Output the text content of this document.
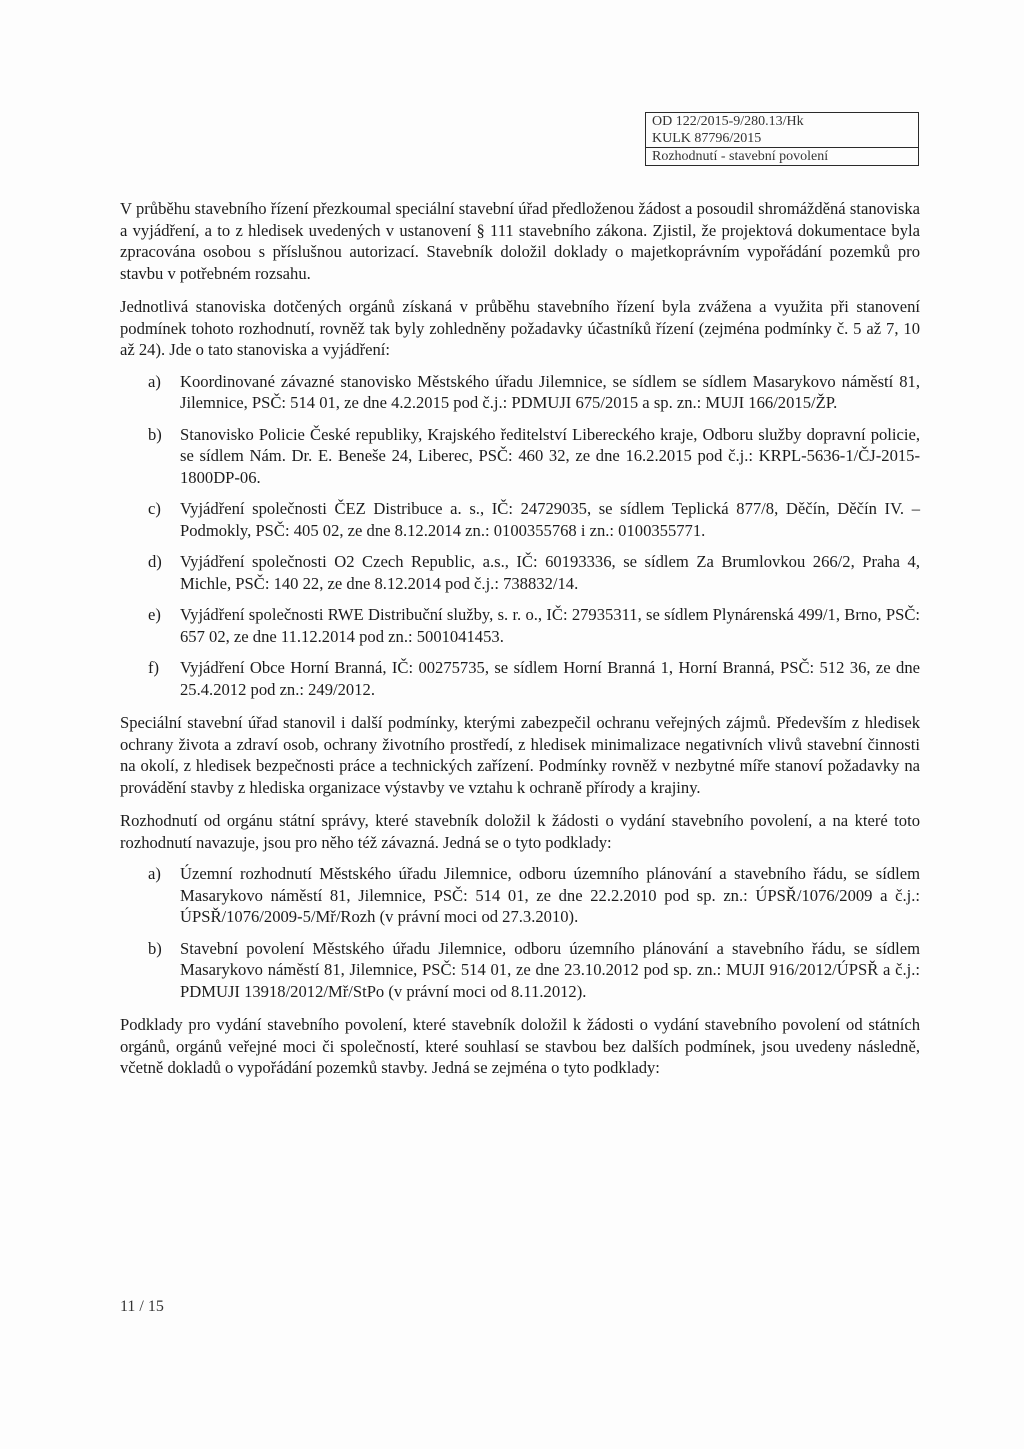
OD 122/2015-9/280.13/Hk
KULK 87796/2015
Rozhodnutí - stavební povolení

V průběhu stavebního řízení přezkoumal speciální stavební úřad předloženou žádost a posoudil shromážděná stanoviska a vyjádření, a to z hledisek uvedených v ustanovení § 111 stavebního zákona. Zjistil, že projektová dokumentace byla zpracována osobou s příslušnou autorizací. Stavebník doložil doklady o majetkoprávním vypořádání pozemků pro stavbu v potřebném rozsahu.

Jednotlivá stanoviska dotčených orgánů získaná v průběhu stavebního řízení byla zvážena a využita při stanovení podmínek tohoto rozhodnutí, rovněž tak byly zohledněny požadavky účastníků řízení (zejména podmínky č. 5 až 7, 10 až 24). Jde o tato stanoviska a vyjádření:

a)	Koordinované závazné stanovisko Městského úřadu Jilemnice, se sídlem se sídlem Masarykovo náměstí 81, Jilemnice, PSČ: 514 01, ze dne 4.2.2015 pod č.j.: PDMUJI 675/2015 a sp. zn.: MUJI 166/2015/ŽP.
b)	Stanovisko Policie České republiky, Krajského ředitelství Libereckého kraje, Odboru služby dopravní policie, se sídlem Nám. Dr. E. Beneše 24, Liberec, PSČ: 460 32, ze dne 16.2.2015 pod č.j.: KRPL-5636-1/ČJ-2015-1800DP-06.
c)	Vyjádření společnosti ČEZ Distribuce a. s., IČ: 24729035, se sídlem Teplická 877/8, Děčín, Děčín IV. – Podmokly, PSČ: 405 02, ze dne 8.12.2014 zn.: 0100355768 i zn.: 0100355771.
d)	Vyjádření společnosti O2 Czech Republic, a.s., IČ: 60193336, se sídlem Za Brumlovkou 266/2, Praha 4, Michle, PSČ: 140 22, ze dne 8.12.2014 pod č.j.: 738832/14.
e)	Vyjádření společnosti RWE Distribuční služby, s. r. o., IČ: 27935311, se sídlem Plynárenská 499/1, Brno, PSČ: 657 02, ze dne 11.12.2014 pod zn.: 5001041453.
f)	Vyjádření Obce Horní Branná, IČ: 00275735, se sídlem Horní Branná 1, Horní Branná, PSČ: 512 36, ze dne 25.4.2012 pod zn.: 249/2012.

Speciální stavební úřad stanovil i další podmínky, kterými zabezpečil ochranu veřejných zájmů. Především z hledisek ochrany života a zdraví osob, ochrany životního prostředí, z hledisek minimalizace negativních vlivů stavební činnosti na okolí, z hledisek bezpečnosti práce a technických zařízení. Podmínky rovněž v nezbytné míře stanoví požadavky na provádění stavby z hlediska organizace výstavby ve vztahu k ochraně přírody a krajiny.

Rozhodnutí od orgánu státní správy, které stavebník doložil k žádosti o vydání stavebního povolení, a na které toto rozhodnutí navazuje, jsou pro něho též závazná. Jedná se o tyto podklady:

a)	Územní rozhodnutí Městského úřadu Jilemnice, odboru územního plánování a stavebního řádu, se sídlem Masarykovo náměstí 81, Jilemnice, PSČ: 514 01, ze dne 22.2.2010 pod sp. zn.: ÚPSŘ/1076/2009 a č.j.: ÚPSŘ/1076/2009-5/Mř/Rozh (v právní moci od 27.3.2010).
b)	Stavební povolení Městského úřadu Jilemnice, odboru územního plánování a stavebního řádu, se sídlem Masarykovo náměstí 81, Jilemnice, PSČ: 514 01, ze dne 23.10.2012 pod sp. zn.: MUJI 916/2012/ÚPSŘ a č.j.: PDMUJI 13918/2012/Mř/StPo (v právní moci od 8.11.2012).

Podklady pro vydání stavebního povolení, které stavebník doložil k žádosti o vydání stavebního povolení od státních orgánů, orgánů veřejné moci či společností, které souhlasí se stavbou bez dalších podmínek, jsou uvedeny následně, včetně dokladů o vypořádání pozemků stavby. Jedná se zejména o tyto podklady:

11 / 15
